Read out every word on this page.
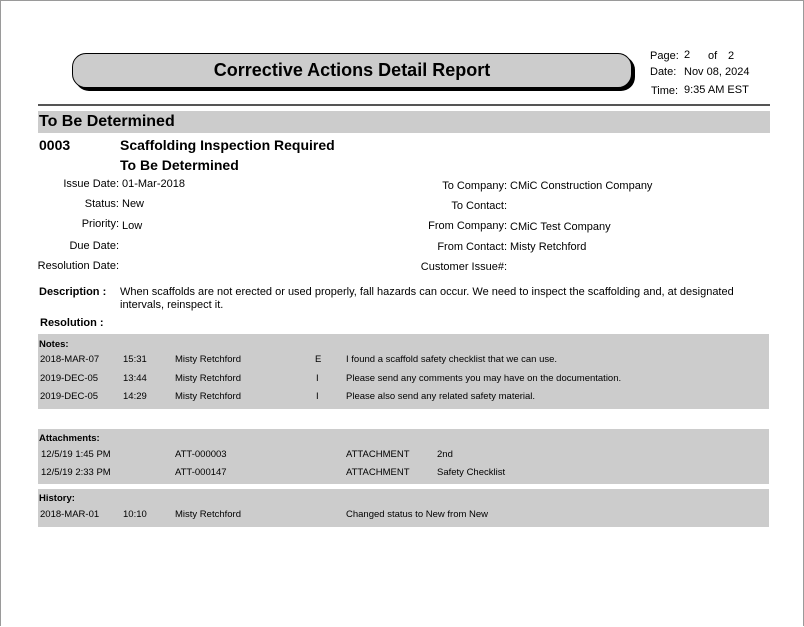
Corrective Actions Detail Report
Page: 2 of 2
Date: Nov 08, 2024
Time: 9:35 AM EST
To Be Determined
0003	Scaffolding Inspection Required
To Be Determined
Issue Date: 01-Mar-2018
Status: New
Priority: Low
Due Date:
Resolution Date:
To Company: CMiC Construction Company
To Contact:
From Company: CMiC Test Company
From Contact: Misty Retchford
Customer Issue#:
Description : When scaffolds are not erected or used properly, fall hazards can occur. We need to inspect the scaffolding and, at designated intervals, reinspect it.
Resolution :
Notes:
2018-MAR-07	15:31	Misty Retchford	E	I found a scaffold safety checklist that we can use.
2019-DEC-05	13:44	Misty Retchford	I	Please send any comments you may have on the documentation.
2019-DEC-05	14:29	Misty Retchford	I	Please also send any related safety material.
Attachments:
12/5/19 1:45 PM	ATT-000003	ATTACHMENT	2nd
12/5/19 2:33 PM	ATT-000147	ATTACHMENT	Safety Checklist
History:
2018-MAR-01	10:10	Misty Retchford	Changed status to New from New
